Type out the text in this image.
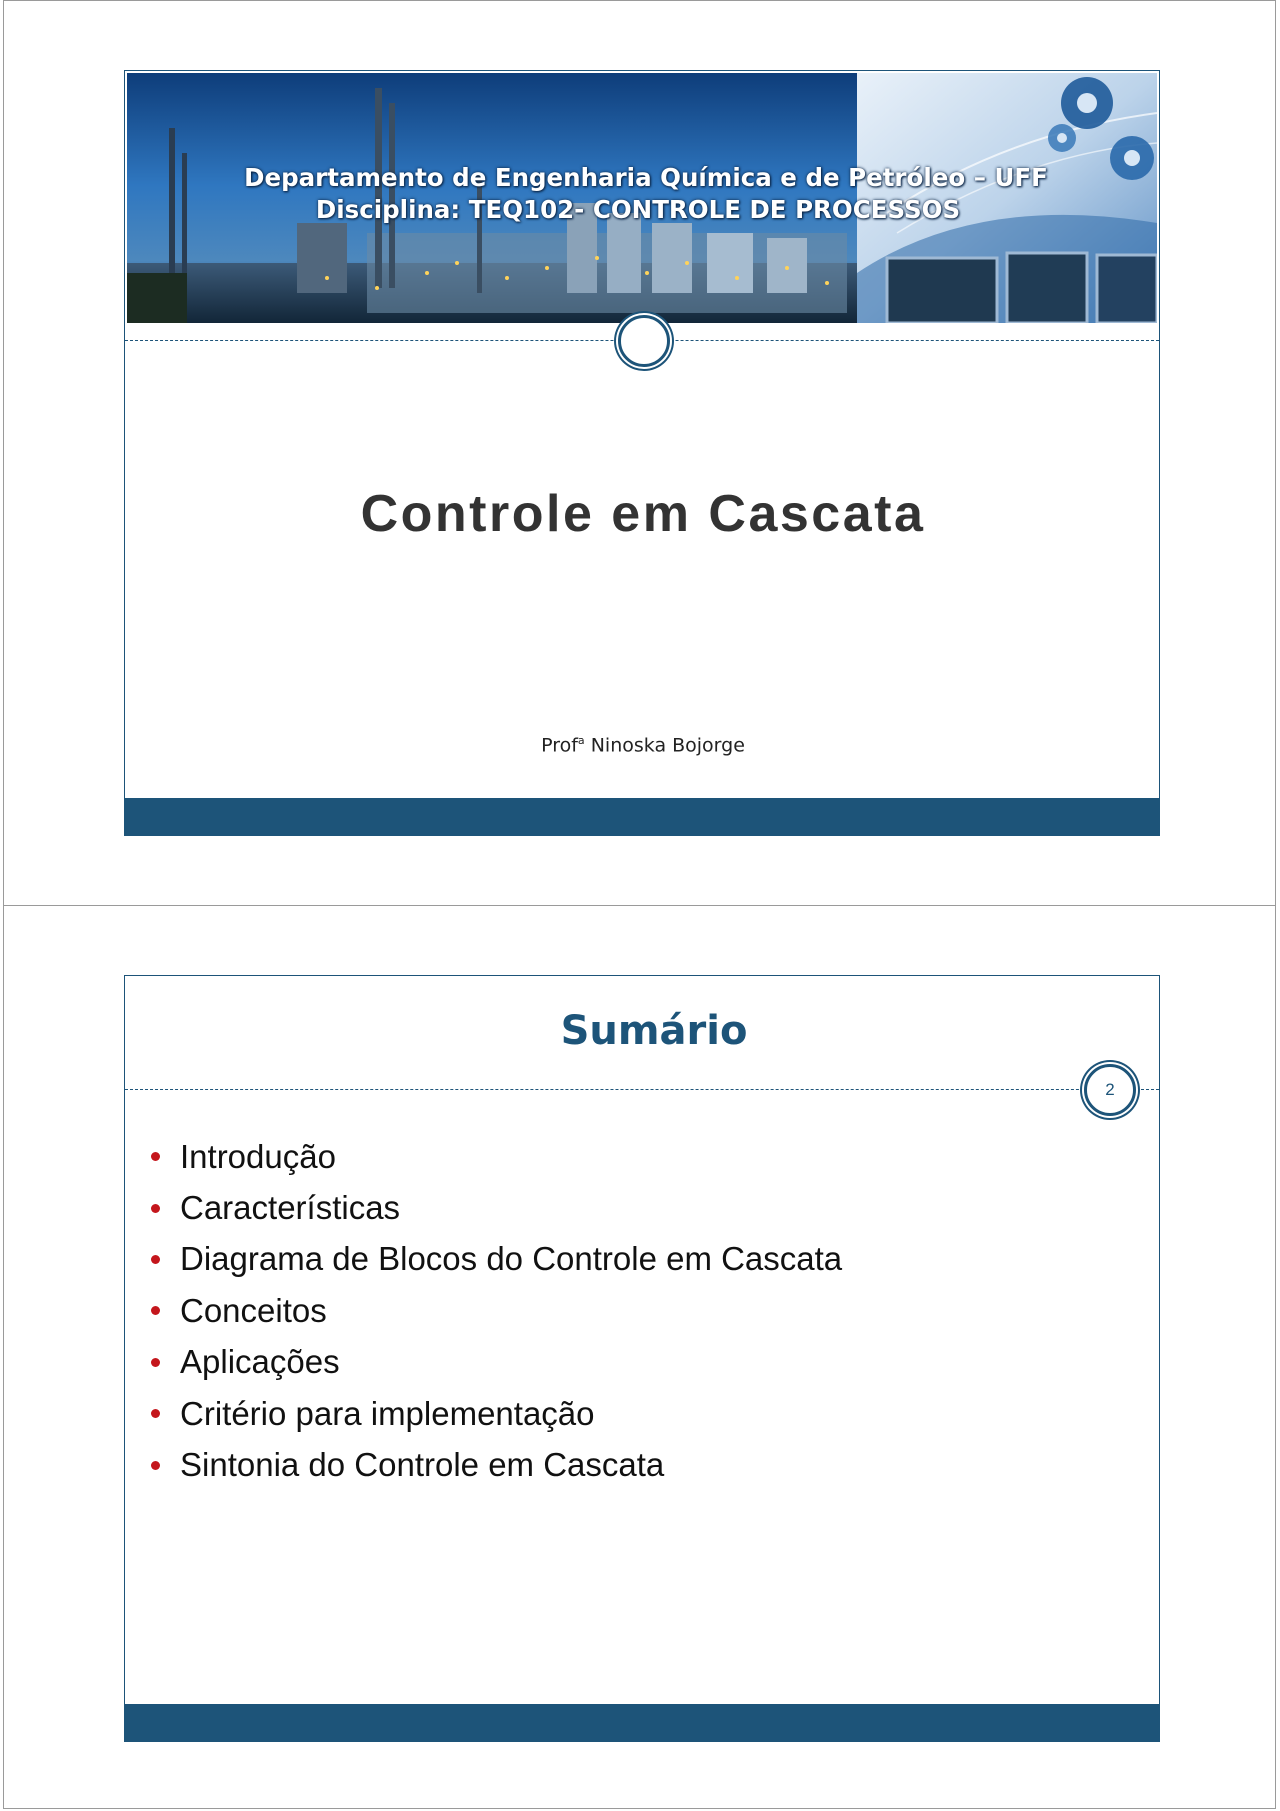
Departamento de Engenharia Química e de Petróleo – UFF
Disciplina: TEQ102- CONTROLE DE PROCESSOS
Controle em Cascata
Prof$^a$ Ninoska Bojorge
Sumário
2
Introdução
Características
Diagrama de Blocos do Controle em Cascata
Conceitos
Aplicações
Critério para implementação
Sintonia do Controle em Cascata
